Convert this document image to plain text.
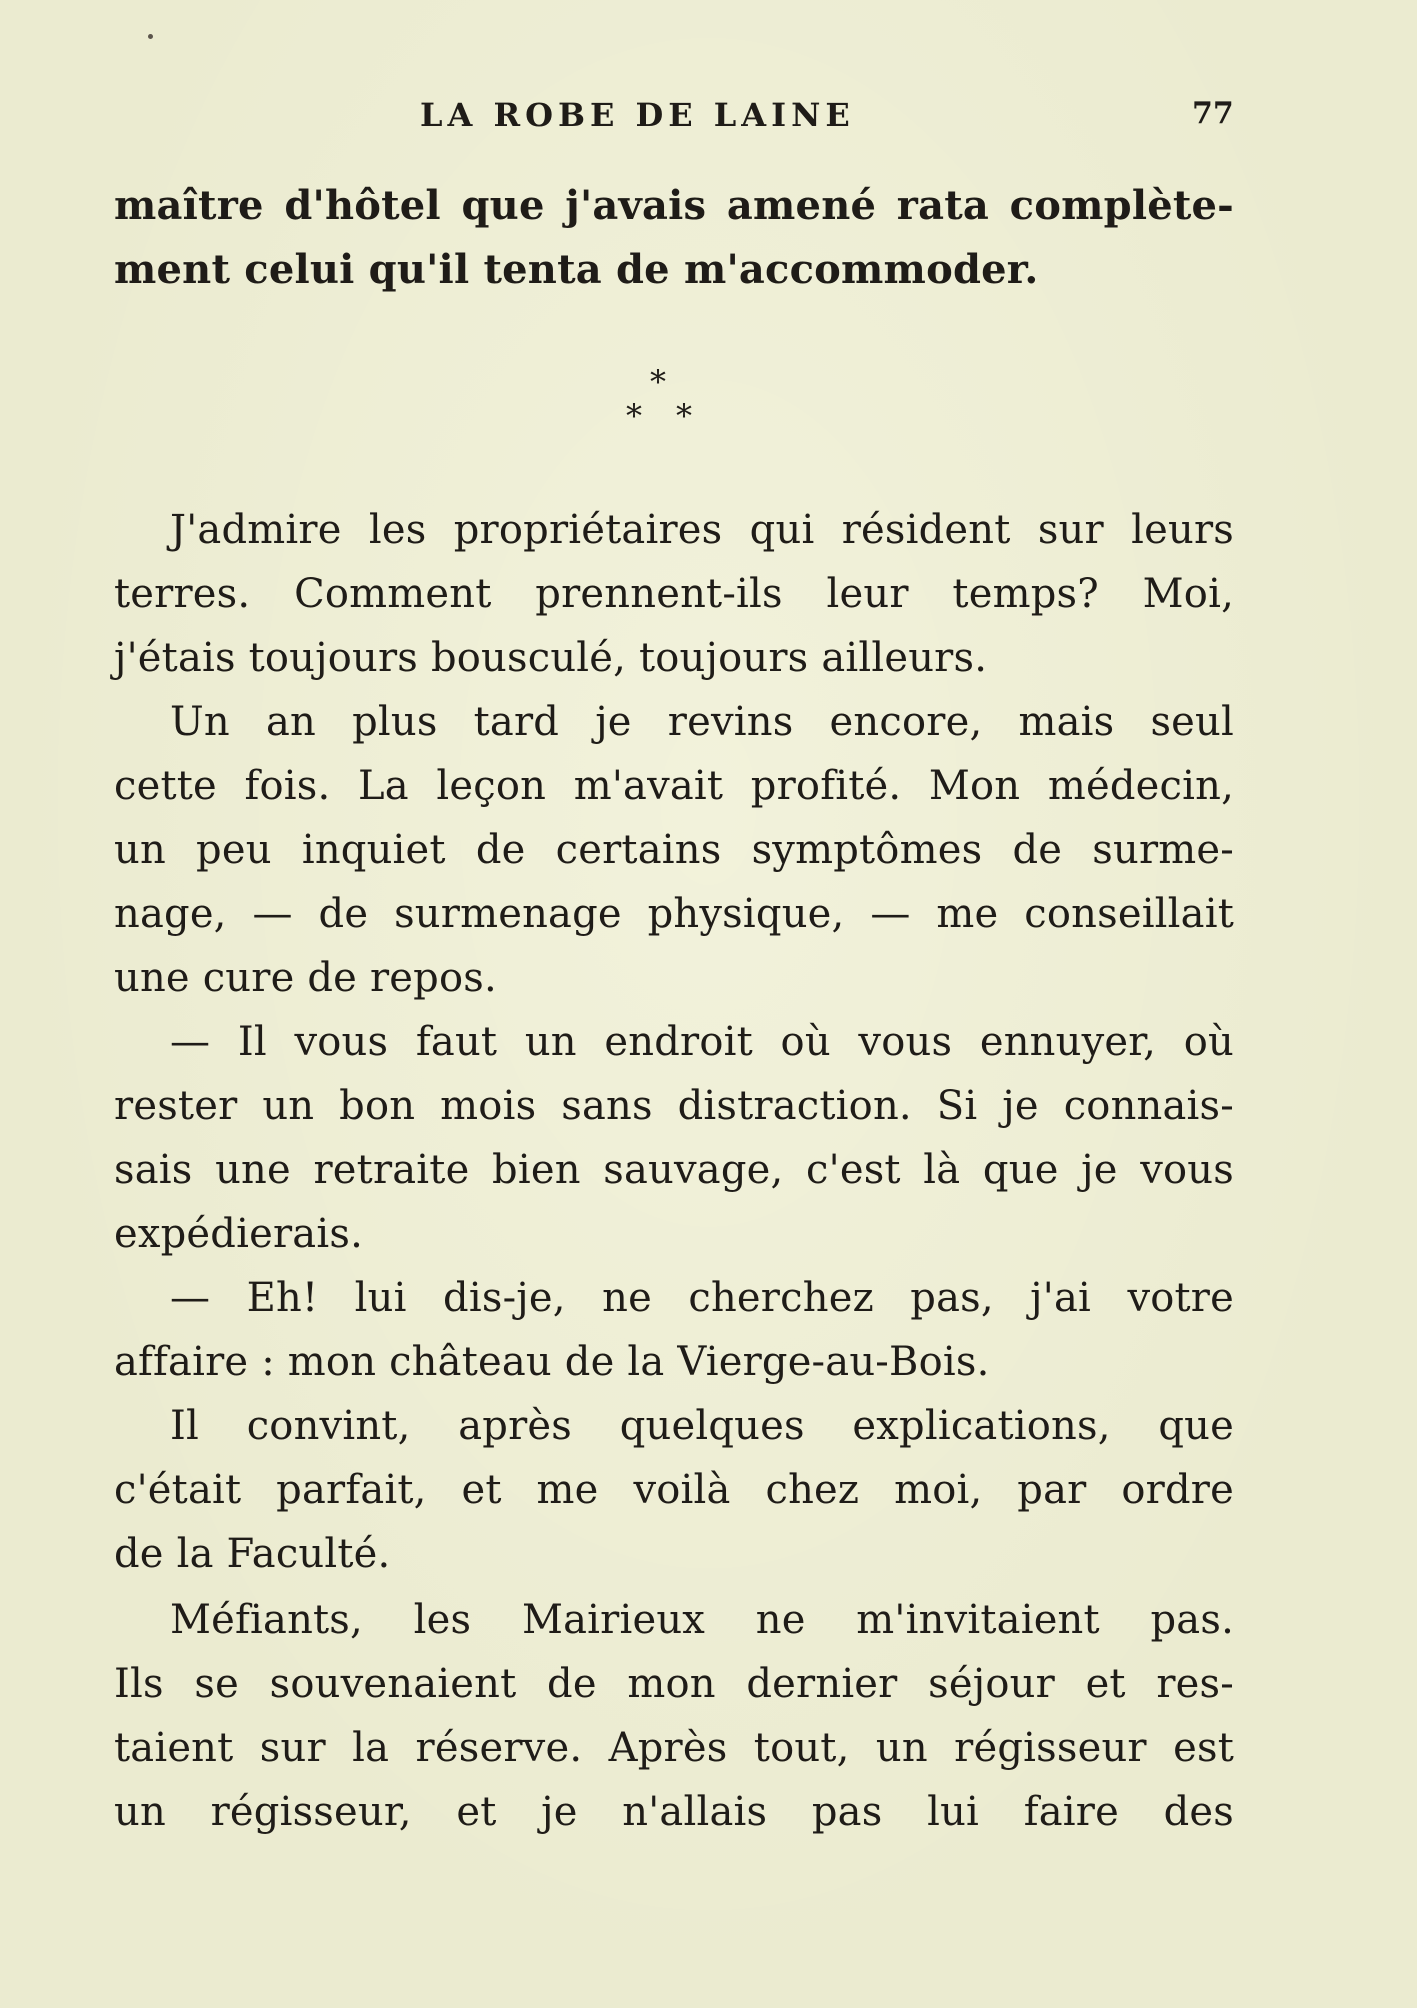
LA ROBE DE LAINE	77
maître d'hôtel que j'avais amené rata complète-
ment celui qu'il tenta de m'accommoder.
*
* *
J'admire les propriétaires qui résident sur leurs
terres. Comment prennent-ils leur temps? Moi,
j'étais toujours bousculé, toujours ailleurs.
Un an plus tard je revins encore, mais seul
cette fois. La leçon m'avait profité. Mon médecin,
un peu inquiet de certains symptômes de surme-
nage, — de surmenage physique, — me conseillait
une cure de repos.
— Il vous faut un endroit où vous ennuyer, où
rester un bon mois sans distraction. Si je connais-
sais une retraite bien sauvage, c'est là que je vous
expédierais.
— Eh! lui dis-je, ne cherchez pas, j'ai votre
affaire : mon château de la Vierge-au-Bois.
Il convint, après quelques explications, que
c'était parfait, et me voilà chez moi, par ordre
de la Faculté.
Méfiants, les Mairieux ne m'invitaient pas.
Ils se souvenaient de mon dernier séjour et res-
taient sur la réserve. Après tout, un régisseur est
un régisseur, et je n'allais pas lui faire des
